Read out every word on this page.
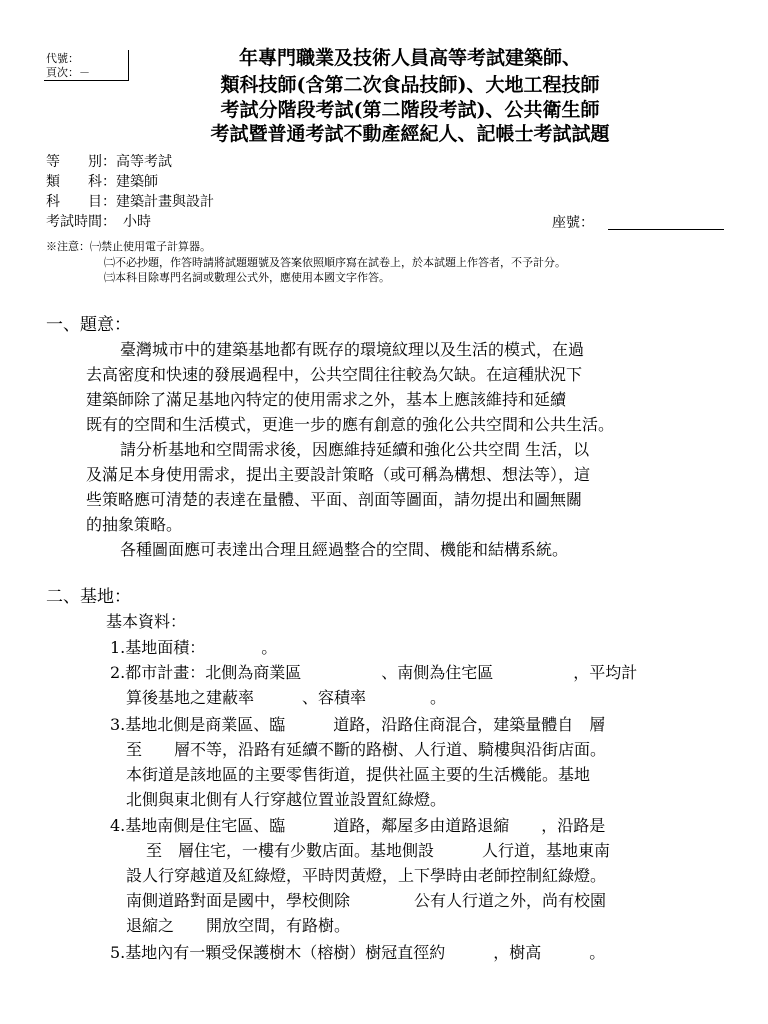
代號：
頁次：－
年專門職業及技術人員高等考試建築師、
類科技師(含第二次食品技師)、大地工程技師
考試分階段考試(第二階段考試)、公共衛生師
考試暨普通考試不動產經紀人、記帳士考試試題
等　　別：高等考試
類　　科：建築師
科　　目：建築計畫與設計
考試時間：　小時	座號：
※注意：㈠禁止使用電子計算器。
㈡不必抄題，作答時請將試題題號及答案依照順序寫在試卷上，於本試題上作答者，不予計分。
㈢本科目除專門名詞或數理公式外，應使用本國文字作答。
一、題意：
臺灣城市中的建築基地都有既存的環境紋理以及生活的模式，在過
去高密度和快速的發展過程中，公共空間往往較為欠缺。在這種狀況下
建築師除了滿足基地內特定的使用需求之外，基本上應該維持和延續
既有的空間和生活模式，更進一步的應有創意的強化公共空間和公共生活。
請分析基地和空間需求後，因應維持延續和強化公共空間 生活，以
及滿足本身使用需求，提出主要設計策略（或可稱為構想、想法等），這
些策略應可清楚的表達在量體、平面、剖面等圖面，請勿提出和圖無關
的抽象策略。
各種圖面應可表達出合理且經過整合的空間、機能和結構系統。
二、基地：
基本資料：
1.基地面積：　　　　。
2.都市計畫：北側為商業區　　　　　、南側為住宅區　　　　　，平均計
算後基地之建蔽率　　　、容積率　　　　。
3.基地北側是商業區、臨　　　道路，沿路住商混合，建築量體自　層
至　　層不等，沿路有延續不斷的路樹、人行道、騎樓與沿街店面。
本街道是該地區的主要零售街道，提供社區主要的生活機能。基地
北側與東北側有人行穿越位置並設置紅綠燈。
4.基地南側是住宅區、臨　　　道路，鄰屋多由道路退縮　　，沿路是
至　層住宅，一樓有少數店面。基地側設　　　人行道，基地東南
設人行穿越道及紅綠燈，平時閃黃燈，上下學時由老師控制紅綠燈。
南側道路對面是國中，學校側除　　　　公有人行道之外，尚有校園
退縮之　　開放空間，有路樹。
5.基地內有一顆受保護樹木（榕樹）樹冠直徑約　　　，樹高　　　。
